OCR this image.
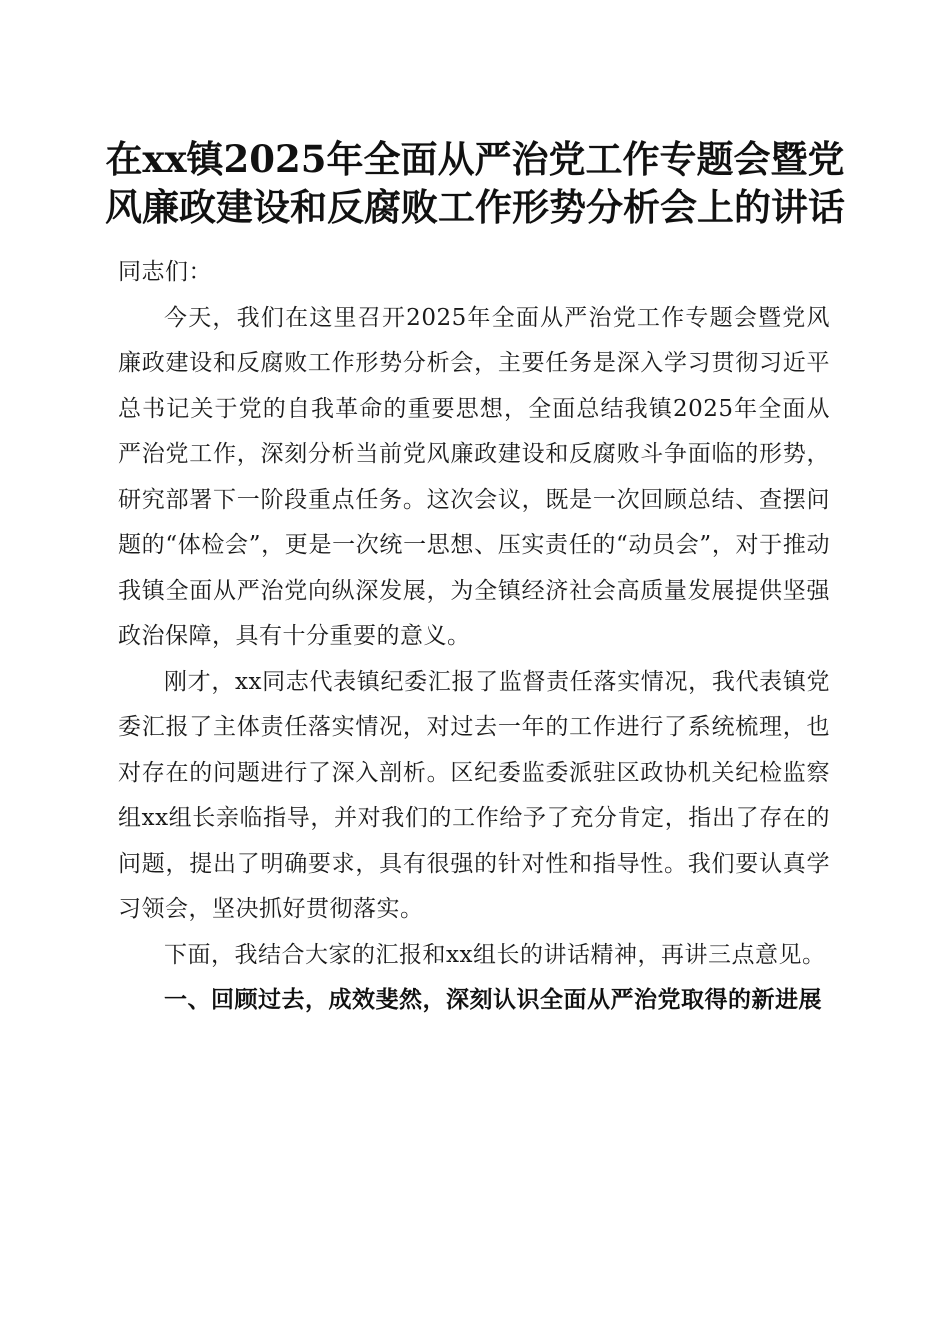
在xx镇2025年全面从严治党工作专题会暨党
风廉政建设和反腐败工作形势分析会上的讲话

同志们：

今天，我们在这里召开2025年全面从严治党工作专题会暨党风廉政建设和反腐败工作形势分析会，主要任务是深入学习贯彻习近平总书记关于党的自我革命的重要思想，全面总结我镇2025年全面从严治党工作，深刻分析当前党风廉政建设和反腐败斗争面临的形势，研究部署下一阶段重点任务。这次会议，既是一次回顾总结、查摆问题的“体检会”，更是一次统一思想、压实责任的“动员会”，对于推动我镇全面从严治党向纵深发展，为全镇经济社会高质量发展提供坚强政治保障，具有十分重要的意义。

刚才，xx同志代表镇纪委汇报了监督责任落实情况，我代表镇党委汇报了主体责任落实情况，对过去一年的工作进行了系统梳理，也对存在的问题进行了深入剖析。区纪委监委派驻区政协机关纪检监察组xx组长亲临指导，并对我们的工作给予了充分肯定，指出了存在的问题，提出了明确要求，具有很强的针对性和指导性。我们要认真学习领会，坚决抓好贯彻落实。

下面，我结合大家的汇报和xx组长的讲话精神，再讲三点意见。

一、回顾过去，成效斐然，深刻认识全面从严治党取得的新进展
